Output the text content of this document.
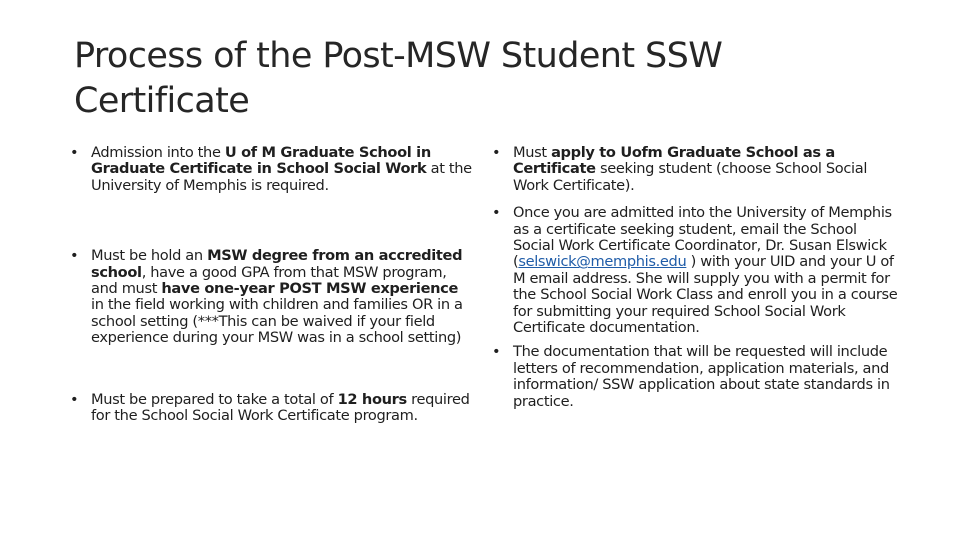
Process of the Post-MSW Student SSW Certificate
• Admission into the U of M Graduate School in Graduate Certificate in School Social Work at the University of Memphis is required.
• Must be hold an MSW degree from an accredited school, have a good GPA from that MSW program, and must have one-year POST MSW experience in the field working with children and families OR in a school setting (***This can be waived if your field experience during your MSW was in a school setting)
• Must be prepared to take a total of 12 hours required for the School Social Work Certificate program.
• Must apply to Uofm Graduate School as a Certificate seeking student (choose School Social Work Certificate).
• Once you are admitted into the University of Memphis as a certificate seeking student, email the School Social Work Certificate Coordinator, Dr. Susan Elswick (selswick@memphis.edu ) with your UID and your U of M email address. She will supply you with a permit for the School Social Work Class and enroll you in a course for submitting your required School Social Work Certificate documentation.
• The documentation that will be requested will include letters of recommendation, application materials, and information/ SSW application about state standards in practice.
